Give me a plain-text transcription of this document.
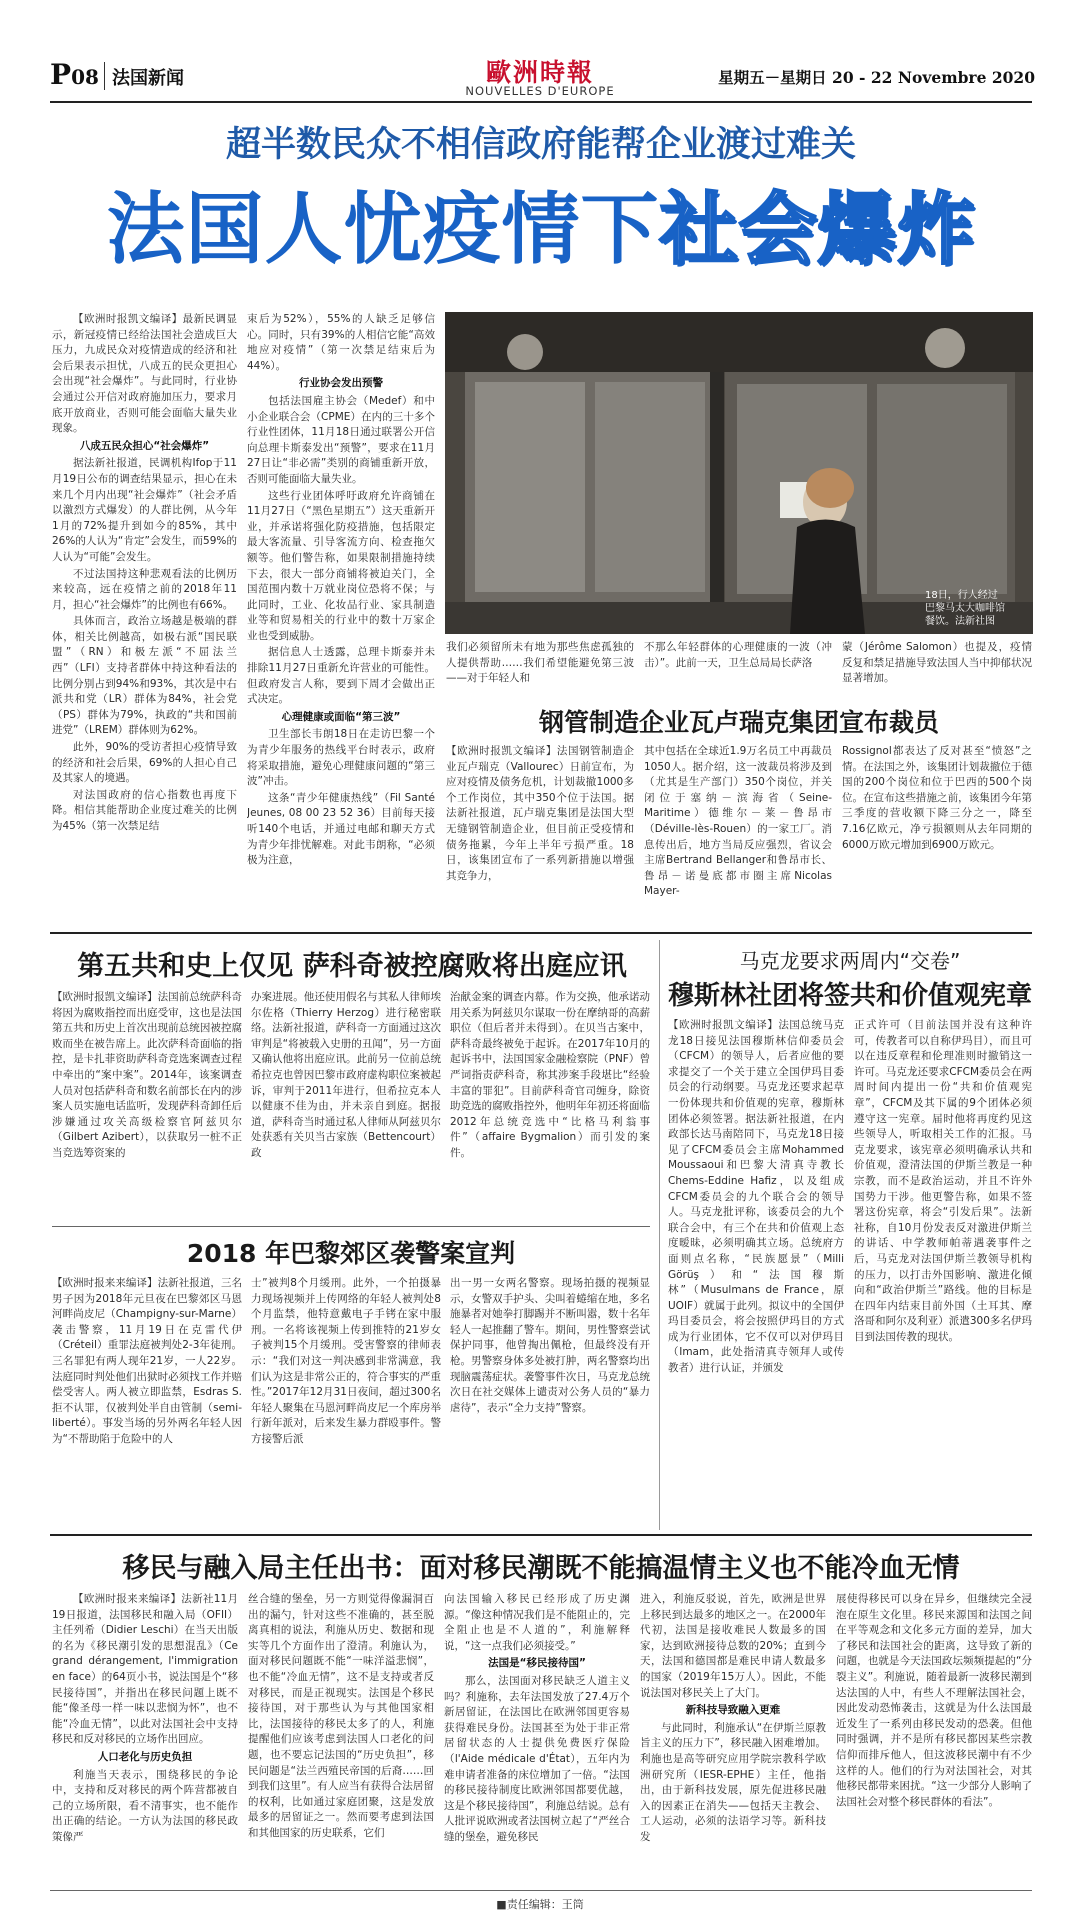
P08 法国新闻	歐洲時報
NOUVELLES D'EUROPE
星期五－星期日 20 - 22 Novembre 2020
超半数民众不相信政府能帮企业渡过难关
法国人忧疫情下社会爆炸

【欧洲时报凯文编译】最新民调显示，新冠疫情已经给法国社会造成巨大压力，九成民众对疫情造成的经济和社会后果表示担忧，八成五的民众更担心会出现“社会爆炸”。与此同时，行业协会通过公开信对政府施加压力，要求月底开放商业，否则可能会面临大量失业现象。

八成五民众担心“社会爆炸”

据法新社报道，民调机构Ifop于11月19日公布的调查结果显示，担心在未来几个月内出现“社会爆炸”（社会矛盾以激烈方式爆发）的人群比例，从今年1月的72%提升到如今的85%，其中26%的人认为“肯定”会发生，而59%的人认为“可能”会发生。

不过法国持这种悲观看法的比例历来较高，远在疫情之前的2018年11月，担心“社会爆炸”的比例也有66%。

具体而言，政治立场越是极端的群体，相关比例越高，如极右派“国民联盟”（RN）和极左派“不屈法兰西”（LFI）支持者群体中持这种看法的比例分别占到94%和93%，其次是中右派共和党（LR）群体为84%，社会党（PS）群体为79%，执政的“共和国前进党”（LREM）群体则为62%。

此外，90%的受访者担心疫情导致的经济和社会后果，69%的人担心自己及其家人的境遇。

对法国政府的信心指数也再度下降。相信其能帮助企业度过难关的比例为45%（第一次禁足结

束后为52%），55%的人缺乏足够信心。同时，只有39%的人相信它能“高效地应对疫情”（第一次禁足结束后为44%）。

行业协会发出预警

包括法国雇主协会（Medef）和中小企业联合会（CPME）在内的三十多个行业性团体，11月18日通过联署公开信向总理卡斯泰发出“预警”，要求在11月27日让“非必需”类别的商铺重新开放，否则可能面临大量失业。

这些行业团体呼吁政府允许商铺在11月27日（“黑色星期五”）这天重新开业，并承诺将强化防疫措施，包括限定最大客流量、引导客流方向、检查拖欠额等。他们警告称，如果限制措施持续下去，很大一部分商铺将被迫关门，全国范围内数十万就业岗位恐将不保；与此同时，工业、化妆品行业、家具制造业等和贸易相关的行业中的数十万家企业也受到威胁。

据信息人士透露，总理卡斯泰并未排除11月27日重新允许营业的可能性。但政府发言人称，要到下周才会做出正式决定。

心理健康或面临“第三波”

卫生部长韦朗18日在走访巴黎一个为青少年服务的热线平台时表示，政府将采取措施，避免心理健康问题的“第三波”冲击。

这条“青少年健康热线”（Fil Santé Jeunes, 08 00 23 52 36）目前每天接听140个电话，并通过电邮和聊天方式为青少年排忧解难。对此韦朗称，“必须极为注意，

18日，行人经过
巴黎马太大咖啡馆
餐饮。法新社图

我们必须留所未有地为那些焦虑孤独的人提供帮助……我们希望能避免第三波——对于年轻人和

不那么年轻群体的心理健康的一波（冲击）”。此前一天，卫生总局局长萨洛

蒙（Jérôme Salomon）也提及，疫情反复和禁足措施导致法国人当中抑郁状况显著增加。

钢管制造企业瓦卢瑞克集团宣布裁员

【欧洲时报凯文编译】法国钢管制造企业瓦卢瑞克（Vallourec）日前宣布，为应对疫情及债务危机，计划裁撤1000多个工作岗位，其中350个位于法国。据法新社报道，瓦卢瑞克集团是法国大型无缝钢管制造企业，但目前正受疫情和债务拖累，今年上半年亏损严重。18日，该集团宣布了一系列新措施以增强其竞争力，

其中包括在全球近1.9万名员工中再裁员1050人。据介绍，这一波裁员将涉及到（尤其是生产部门）350个岗位，并关闭位于塞纳－滨海省（Seine-Maritime）德维尔－莱－鲁昂市（Déville-lès-Rouen）的一家工厂。消息传出后，地方当局反应强烈，省议会主席Bertrand Bellanger和鲁昂市长、鲁昂－诺曼底都市圈主席Nicolas Mayer-

Rossignol都表达了反对甚至“愤怒”之情。在法国之外，该集团计划裁撤位于德国的200个岗位和位于巴西的500个岗位。在宣布这些措施之前，该集团今年第三季度的营收额下降三分之一，降至7.16亿欧元，净亏损额则从去年同期的6000万欧元增加到6900万欧元。

第五共和史上仅见 萨科奇被控腐败将出庭应讯

【欧洲时报凯文编译】法国前总统萨科奇将因为腐败指控而出庭受审，这也是法国第五共和历史上首次出现前总统因被控腐败而坐在被告席上。此次萨科奇面临的指控，是卡扎菲资助萨科奇竞选案调查过程中牵出的“案中案”。2014年，该案调查人员对包括萨科奇和数名前部长在内的涉案人员实施电话监听，发现萨科奇卸任后涉嫌通过攻关高级检察官阿兹贝尔（Gilbert Azibert），以获取另一桩不正当竞选筹资案的

办案进展。他还使用假名与其私人律师埃尔佐格（Thierry Herzog）进行秘密联络。法新社报道，萨科奇一方面通过这次审判是“将被载入史册的丑闻”，另一方面又确认他将出庭应讯。此前另一位前总统希拉克也曾因巴黎市政府虚构职位案被起诉，审判于2011年进行，但希拉克本人以健康不佳为由，并未亲自到庭。据报道，萨科奇当时通过私人律师从阿兹贝尔处获悉有关贝当古家族（Bettencourt）政

治献金案的调查内幕。作为交换，他承诺动用关系为阿兹贝尔谋取一份在摩纳哥的高薪职位（但后者并未得到）。在贝当古案中，萨科奇最终被免于起诉。在2017年10月的起诉书中，法国国家金融检察院（PNF）曾严词指责萨科奇，称其涉案手段堪比“经验丰富的罪犯”。目前萨科奇官司缠身，除资助竞选的腐败指控外，他明年年初还将面临2012年总统竞选中“比格马利翁事件”（affaire Bygmalion）而引发的案件。

2018 年巴黎郊区袭警案宣判

【欧洲时报来来编译】法新社报道，三名男子因为2018年元旦夜在巴黎郊区马恩河畔尚皮尼（Champigny-sur-Marne）袭击警察，11月19日在克雷代伊（Créteil）重罪法庭被判处2-3年徒刑。三名罪犯有两人现年21岁，一人22岁。法庭同时判处他们出狱时必须找工作并赔偿受害人。两人被立即监禁，Esdras S.拒不认罪，仅被判处半自由管制（semi-liberté）。事发当场的另外两名年轻人因为“不帮助陷于危险中的人

士”被判8个月缓刑。此外，一个拍摄暴力现场视频并上传网络的年轻人被判处8个月监禁，他特意戴电子手铐在家中服刑。一名将该视频上传到推特的21岁女子被判15个月缓刑。受害警察的律师表示：“我们对这一判决感到非常满意，我们认为这是非常公正的，符合事实的严重性。”2017年12月31日夜间，超过300名年轻人聚集在马恩河畔尚皮尼一个库房举行新年派对，后来发生暴力群殴事件。警方接警后派

出一男一女两名警察。现场拍摄的视频显示，女警双手护头、尖叫着蜷缩在地，多名施暴者对她拳打脚踢并不断叫嚣，数十名年轻人一起推翻了警车。期间，男性警察尝试保护同事，他曾掏出佩枪，但最终没有开枪。男警察身体多处被打肿，两名警察均出现脑震荡症状。袭警事件次日，马克龙总统次日在社交媒体上谴责对公务人员的“暴力虐待”，表示“全力支持”警察。

马克龙要求两周内“交卷”
穆斯林社团将签共和价值观宪章

【欧洲时报凯文编译】法国总统马克龙18日接见法国穆斯林信仰委员会（CFCM）的领导人，后者应他的要求提交了一个关于建立全国伊玛目委员会的行动纲要。马克龙还要求起草一份体现共和价值观的宪章，穆斯林团体必须签署。据法新社报道，在内政部长达马南陪同下，马克龙18日接见了CFCM委员会主席Mohammed Moussaoui和巴黎大清真寺教长Chems-Eddine Hafiz，以及组成CFCM委员会的九个联合会的领导人。马克龙批评称，该委员会的九个联合会中，有三个在共和价值观上态度暧昧，必须明确其立场。总统府方面则点名称，“民族愿景”（Milli Görüş）和“法国穆斯林”（Musulmans de France，原UOIF）就属于此列。拟议中的全国伊玛目委员会，将会按照伊玛目的方式成为行业团体，它不仅可以对伊玛目（Imam，此处指清真寺领拜人或传教者）进行认证，并颁发

正式许可（目前法国并没有这种许可，传教者可以自称伊玛目），而且可以在违反章程和伦理准则时撤销这一许可。马克龙还要求CFCM委员会在两周时间内提出一份“共和价值观宪章”，CFCM及其下属的9个团体必须遵守这一宪章。届时他将再度约见这些领导人，听取相关工作的汇报。马克龙要求，该宪章必须明确承认共和价值观，澄清法国的伊斯兰教是一种宗教，而不是政治运动，并且不许外国势力干涉。他更警告称，如果不签署这份宪章，将会“引发后果”。法新社称，自10月份发表反对激进伊斯兰的讲话、中学教师帕蒂遇袭事件之后，马克龙对法国伊斯兰教领导机构的压力，以打击外国影响、激进化倾向和“政治伊斯兰”路线。他的目标是在四年内结束目前外国（土耳其、摩洛哥和阿尔及利亚）派遣300多名伊玛目到法国传教的现状。

移民与融入局主任出书：面对移民潮既不能搞温情主义也不能冷血无情

【欧洲时报来来编译】法新社11月19日报道，法国移民和融入局（OFII）主任列希（Didier Leschi）在当天出版的名为《移民潮引发的思想混乱》（Ce grand dérangement, l'immigration en face）的64页小书，说法国是个“移民接待国”，并指出在移民问题上既不能“像圣母一样一味以悲悯为怀”，也不能“冷血无情”，以此对法国社会中支持移民和反对移民的立场作出回应。

人口老化与历史负担

利施当天表示，围绕移民的争论中，支持和反对移民的两个阵营都被自己的立场所限，看不清事实，也不能作出正确的结论。一方认为法国的移民政策像严

丝合缝的堡垒，另一方则觉得像漏洞百出的漏勺，针对这些不准确的，甚至脱离真相的说法，利施从历史、数据和现实等几个方面作出了澄清。利施认为，面对移民问题既不能“一味洋溢悲悯”，也不能“冷血无情”，这不是支持或者反对移民，而是正视现实。法国是个移民接待国，对于那些认为与其他国家相比，法国接待的移民太多了的人，利施提醒他们应该考虑到法国人口老化的问题，也不要忘记法国的“历史负担”，移民问题是“法兰西殖民帝国的后裔……回到我们这里”。有人应当有获得合法居留的权利，比如通过家庭团聚，这是发放最多的居留证之一。然而要考虑到法国和其他国家的历史联系，它们

向法国输入移民已经形成了历史渊源。“像这种情况我们是不能阻止的，完全阻止也是不人道的”，利施解释说，“这一点我们必须接受。”

法国是“移民接待国”

那么，法国面对移民缺乏人道主义吗？利施称，去年法国发放了27.4万个新居留证，在法国比在欧洲邻国更容易获得难民身份。法国甚至为处于非正常居留状态的人士提供免费医疗保险（l'Aide médicale d'État），五年内为难申请者准备的床位增加了一倍。“法国的移民接待制度比欧洲邻国都要优越，这是个移民接待国”，利施总结说。总有人批评说欧洲或者法国树立起了“严丝合缝的堡垒，避免移民

进入，利施反驳说，首先，欧洲是世界上移民到达最多的地区之一。在2000年代初，法国是接收难民人数最多的国家，达到欧洲接待总数的20%；直到今天，法国和德国都是难民申请人数最多的国家（2019年15万人）。因此，不能说法国对移民关上了大门。

新科技导致融入更难

与此同时，利施承认“在伊斯兰原教旨主义的压力下”，移民融入困难增加。利施也是高等研究应用学院宗教科学欧洲研究所（IESR-EPHE）主任，他指出，由于新科技发展，原先促进移民融入的因素正在消失——包括天主教会、工人运动，必须的法语学习等。新科技发

展使得移民可以身在异乡，但继续完全浸泡在原生文化里。移民来源国和法国之间在平等观念和文化多元方面的差异，加大了移民和法国社会的距离，这导致了新的问题，也就是今天法国政坛频频提起的“分裂主义”。利施说，随着最新一波移民潮到达法国的人中，有些人不理解法国社会，因此发动恐怖袭击，这就是为什么法国最近发生了一系列由移民发动的恐袭。但他同时强调，并不是所有移民都因某些宗教信仰而排斥他人，但这波移民潮中有不少这样的人。他们的行为对法国社会，对其他移民都带来困扰。“这一少部分人影响了法国社会对整个移民群体的看法”。

■责任编辑：王筒
